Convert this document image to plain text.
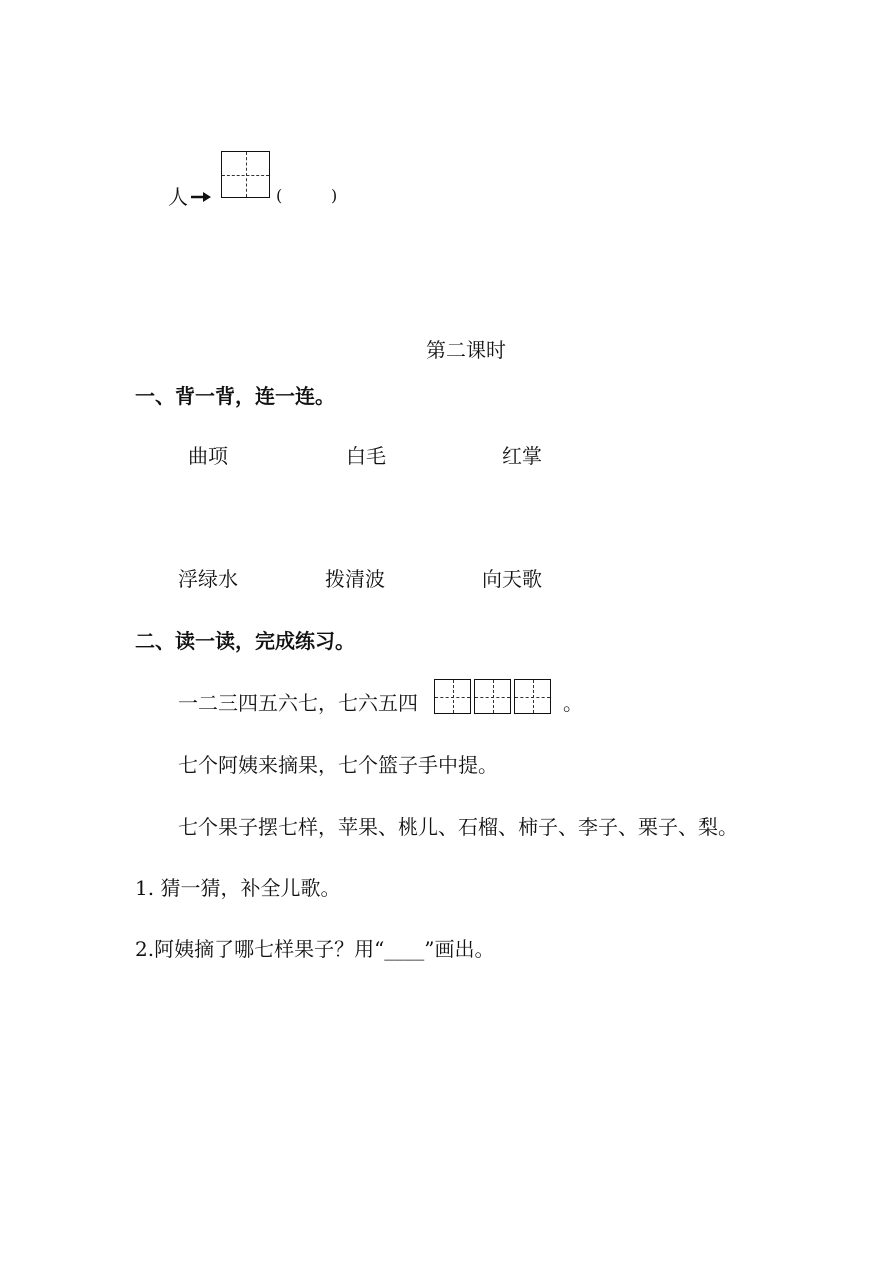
人	(	)
第二课时
一、背一背，连一连。
曲项	白毛	红掌
浮绿水	拨清波	向天歌
二、读一读，完成练习。
一二三四五六七，七六五四	。
七个阿姨来摘果，七个篮子手中提。
七个果子摆七样，苹果、桃儿、石榴、柿子、李子、栗子、梨。
1. 猜一猜，补全儿歌。
2.阿姨摘了哪七样果子？用“____”画出。
